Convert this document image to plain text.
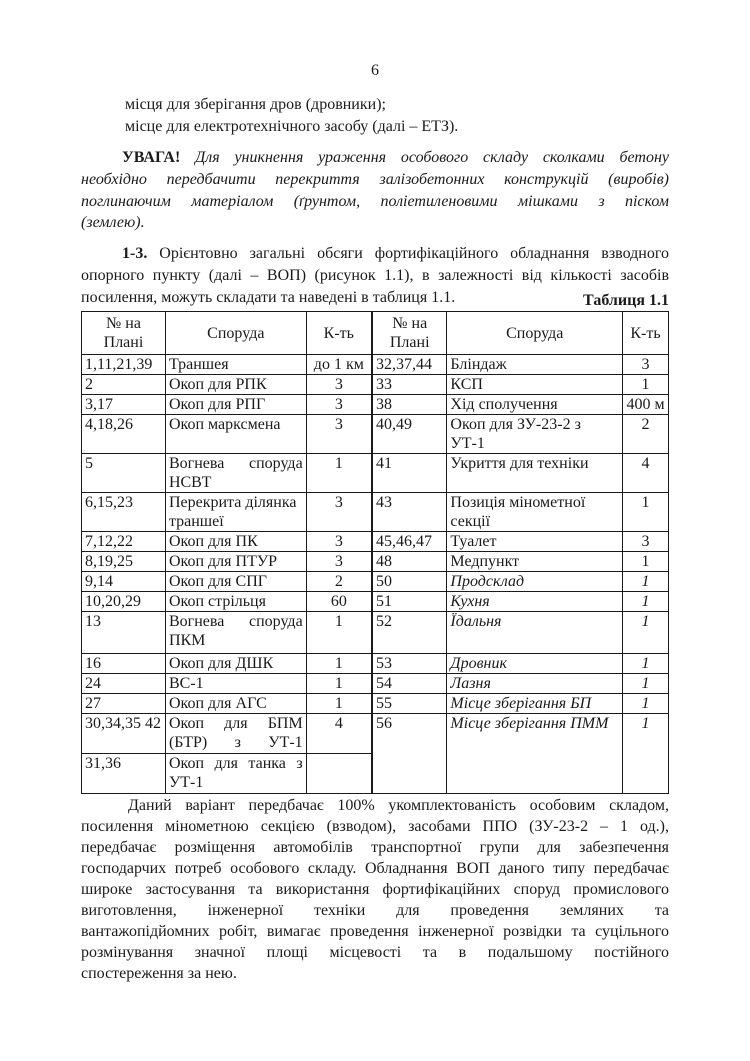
6
місця для зберігання дров (дровники);
місце для електротехнічного засобу (далі – ЕТЗ).
УВАГА! Для уникнення ураження особового складу сколками бетону
необхідно передбачити перекриття залізобетонних конструкцій (виробів)
поглинаючим матеріалом (ґрунтом, поліетиленовими мішками з піском
(землею).
1-3. Орієнтовно загальні обсяги фортифікаційного обладнання взводного
опорного пункту (далі – ВОП) (рисунок 1.1), в залежності від кількості засобів
посилення, можуть складати та наведені в таблиця 1.1.	Таблиця 1.1
№ на Плані	Споруда	К-ть	№ на Плані	Споруда	К-ть
1,11,21,39	Траншея	до 1 км	32,37,44	Бліндаж	3
2	Окоп для РПК	3	33	КСП	1
3,17	Окоп для РПГ	3	38	Хід сполучення	400 м
4,18,26	Окоп марксмена	3	40,49	Окоп для ЗУ-23-2 з УТ-1	2
5	Вогнева споруда НСВТ	1	41	Укриття для техніки	4
6,15,23	Перекрита ділянка траншеї	3	43	Позиція мінометної секції	1
7,12,22	Окоп для ПК	3	45,46,47	Туалет	3
8,19,25	Окоп для ПТУР	3	48	Медпункт	1
9,14	Окоп для СПГ	2	50	Продсклад	1
10,20,29	Окоп стрільця	60	51	Кухня	1
13	Вогнева споруда ПКМ	1	52	Їдальня	1
16	Окоп для ДШК	1	53	Дровник	1
24	ВС-1	1	54	Лазня	1
27	Окоп для АГС	1	55	Місце зберігання БП	1
30,34,35 42	Окоп для БПМ (БТР) з УТ-1	4	56	Місце зберігання ПММ	1
31,36	Окоп для танка з УТ-1				
Даний варіант передбачає 100% укомплектованість особовим складом,
посилення мінометною секцією (взводом), засобами ППО (ЗУ-23-2 – 1 од.),
передбачає розміщення автомобілів транспортної групи для забезпечення
господарчих потреб особового складу. Обладнання ВОП даного типу передбачає
широке застосування та використання фортифікаційних споруд промислового
виготовлення, інженерної техніки для проведення земляних та
вантажопідйомних робіт, вимагає проведення інженерної розвідки та суцільного
розмінування значної площі місцевості та в подальшому постійного
спостереження за нею.
